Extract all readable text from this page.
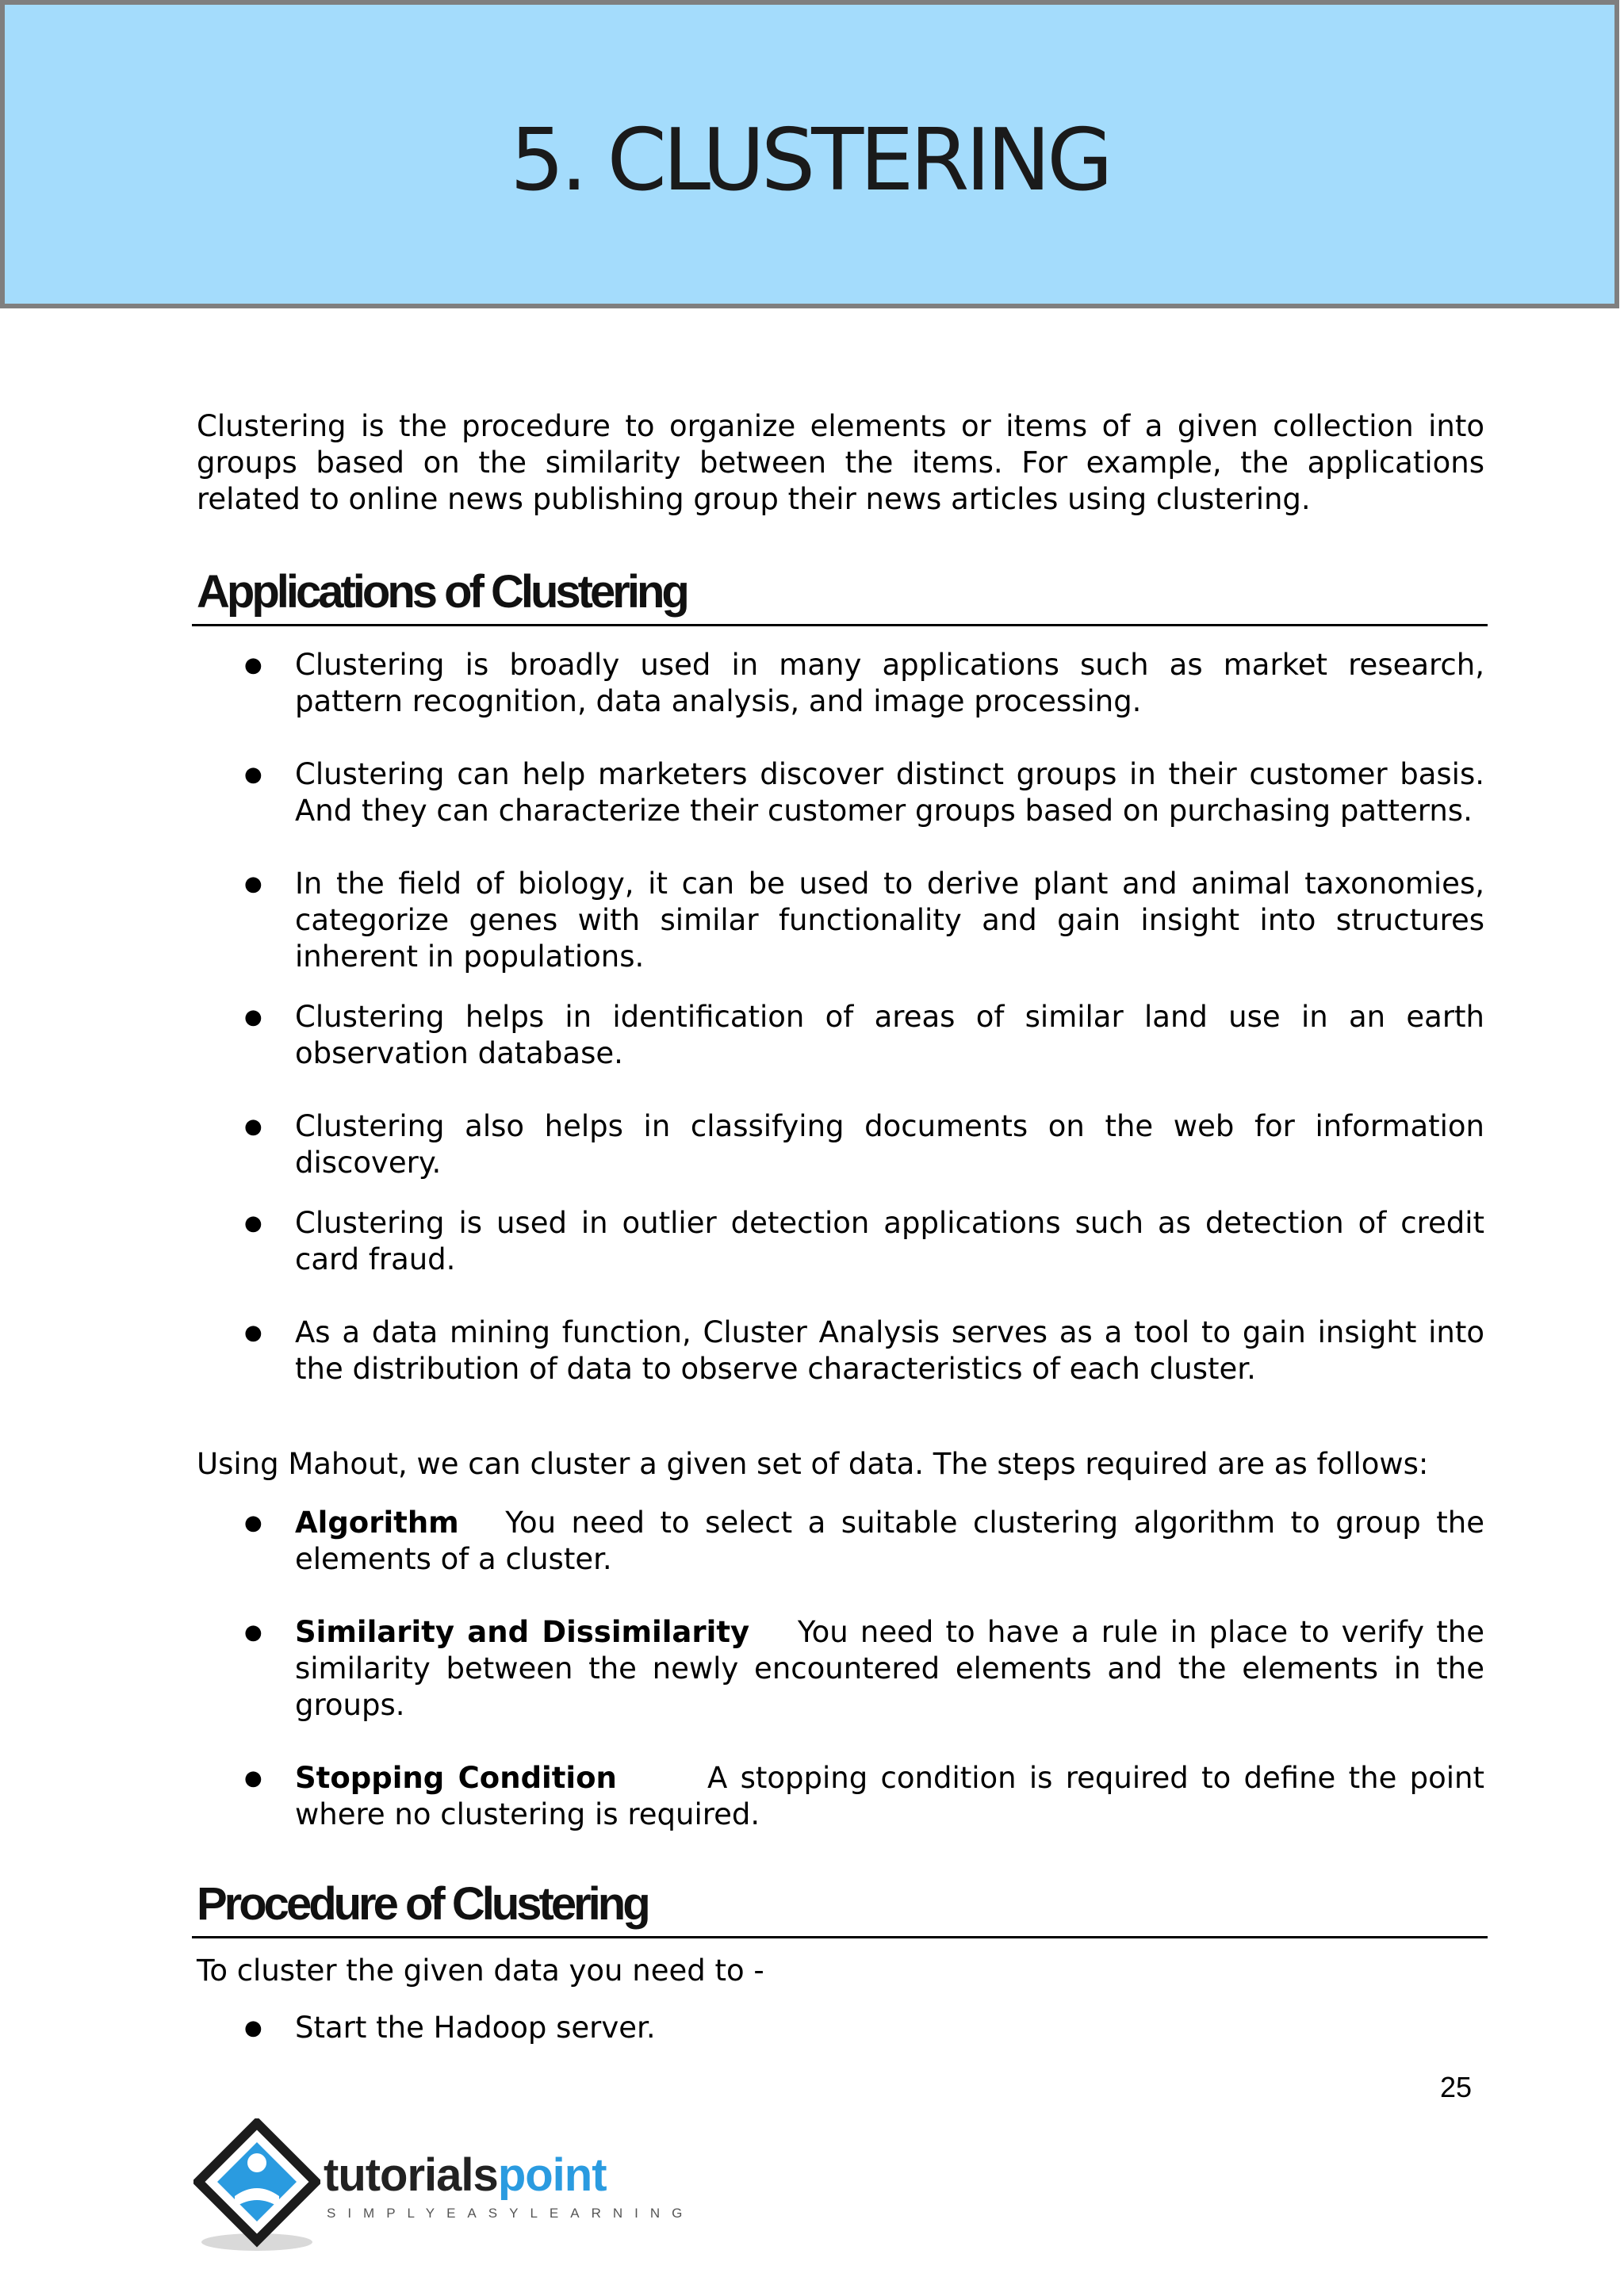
5. CLUSTERING

Clustering is the procedure to organize elements or items of a given collection into groups based on the similarity between the items. For example, the applications related to online news publishing group their news articles using clustering.

Applications of Clustering
● Clustering is broadly used in many applications such as market research, pattern recognition, data analysis, and image processing.
● Clustering can help marketers discover distinct groups in their customer basis. And they can characterize their customer groups based on purchasing patterns.
● In the field of biology, it can be used to derive plant and animal taxonomies, categorize genes with similar functionality and gain insight into structures inherent in populations.
● Clustering helps in identification of areas of similar land use in an earth observation database.
● Clustering also helps in classifying documents on the web for information discovery.
● Clustering is used in outlier detection applications such as detection of credit card fraud.
● As a data mining function, Cluster Analysis serves as a tool to gain insight into the distribution of data to observe characteristics of each cluster.

Using Mahout, we can cluster a given set of data. The steps required are as follows:

● Algorithm You need to select a suitable clustering algorithm to group the elements of a cluster.
● Similarity and Dissimilarity You need to have a rule in place to verify the similarity between the newly encountered elements and the elements in the groups.
● Stopping Condition	A stopping condition is required to define the point where no clustering is required.
Procedure of Clustering

To cluster the given data you need to -

● Start the Hadoop server.
25
tutorialspoint
SIMPLYEASYLEARNING
